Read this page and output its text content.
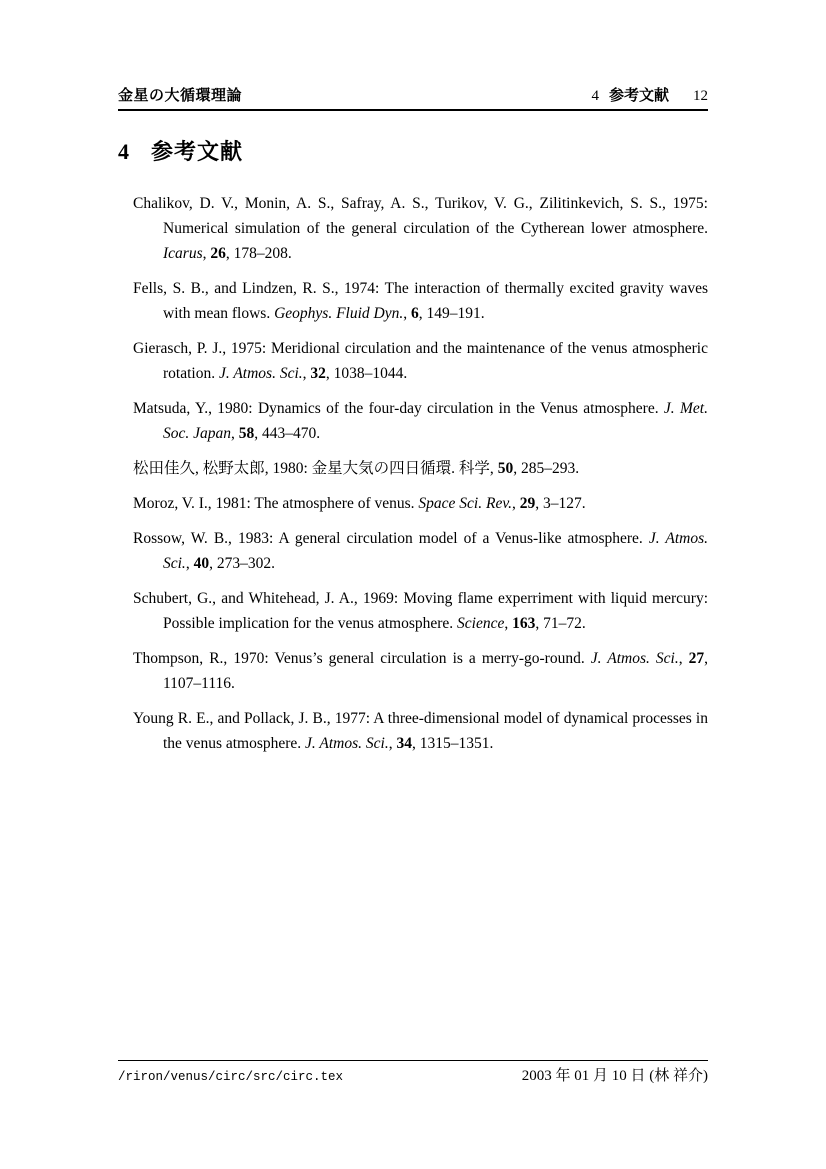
金星の大循環理論	4 参考文献 12
4 参考文献

Chalikov, D. V., Monin, A. S., Safray, A. S., Turikov, V. G., Zilitinkevich, S. S., 1975: Numerical simulation of the general circulation of the Cytherean lower atmosphere. Icarus, 26, 178–208.

Fells, S. B., and Lindzen, R. S., 1974: The interaction of thermally excited gravity waves with mean flows. Geophys. Fluid Dyn., 6, 149–191.

Gierasch, P. J., 1975: Meridional circulation and the maintenance of the venus atmospheric rotation. J. Atmos. Sci., 32, 1038–1044.

Matsuda, Y., 1980: Dynamics of the four-day circulation in the Venus atmosphere. J. Met. Soc. Japan, 58, 443–470.

松田佳久, 松野太郎, 1980: 金星大気の四日循環. 科学, 50, 285–293.

Moroz, V. I., 1981: The atmosphere of venus. Space Sci. Rev., 29, 3–127.

Rossow, W. B., 1983: A general circulation model of a Venus-like atmosphere. J. Atmos. Sci., 40, 273–302.

Schubert, G., and Whitehead, J. A., 1969: Moving flame experriment with liquid mercury: Possible implication for the venus atmosphere. Science, 163, 71–72.

Thompson, R., 1970: Venus’s general circulation is a merry-go-round. J. Atmos. Sci., 27, 1107–1116.

Young R. E., and Pollack, J. B., 1977: A three-dimensional model of dynamical processes in the venus atmosphere. J. Atmos. Sci., 34, 1315–1351.

/riron/venus/circ/src/circ.tex	2003 年 01 月 10 日 (林 祥介)
